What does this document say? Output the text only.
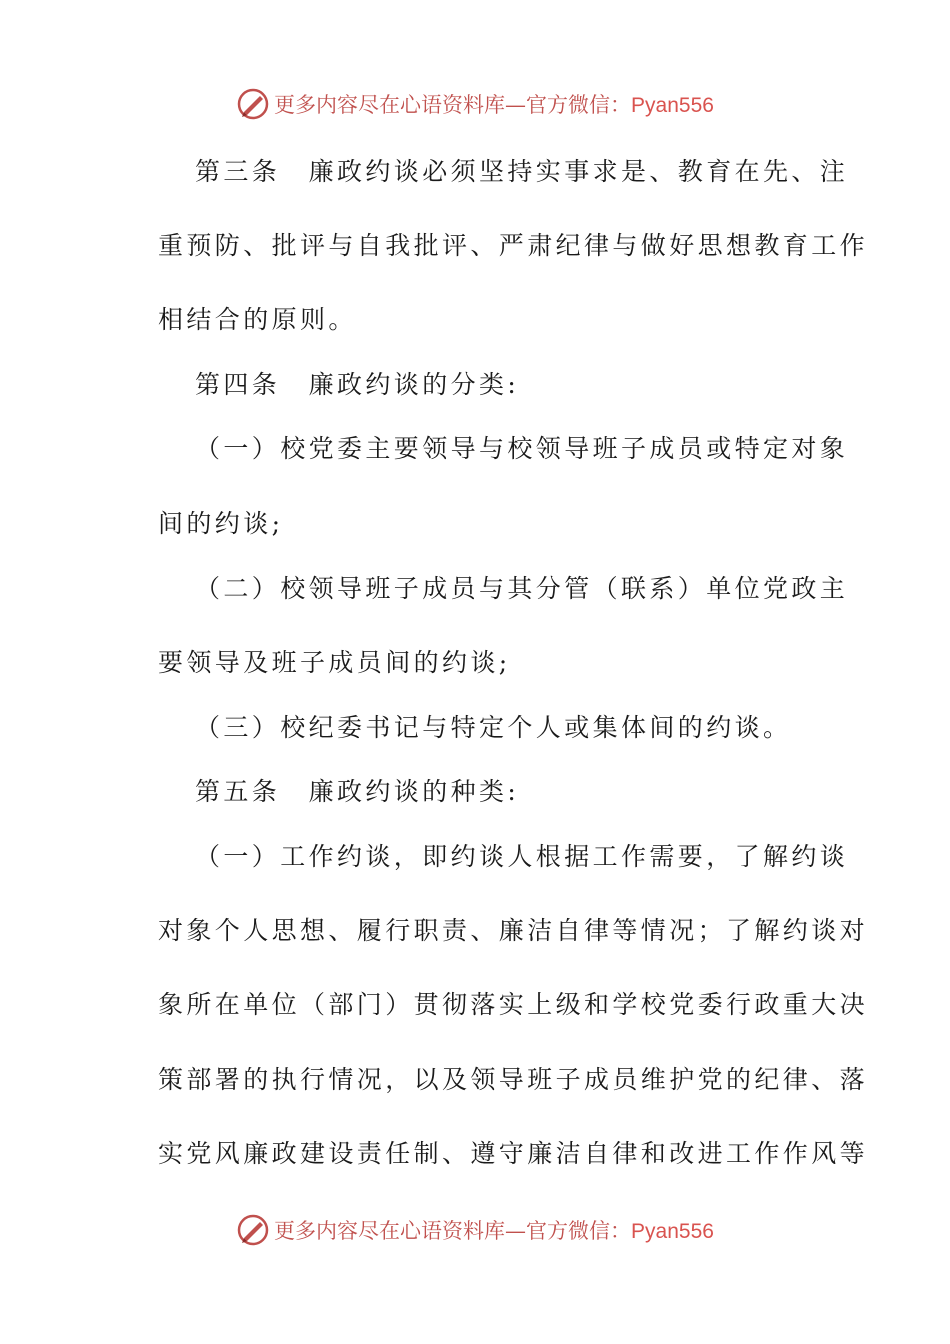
更多内容尽在心语资料库—官方微信：Pyan556
第三条　廉政约谈必须坚持实事求是、教育在先、注
重预防、批评与自我批评、严肃纪律与做好思想教育工作
相结合的原则。
第四条　廉政约谈的分类:
（一）校党委主要领导与校领导班子成员或特定对象
间的约谈;
（二）校领导班子成员与其分管（联系）单位党政主
要领导及班子成员间的约谈;
（三）校纪委书记与特定个人或集体间的约谈。
第五条　廉政约谈的种类:
（一）工作约谈，即约谈人根据工作需要，了解约谈
对象个人思想、履行职责、廉洁自律等情况；了解约谈对
象所在单位（部门）贯彻落实上级和学校党委行政重大决
策部署的执行情况，以及领导班子成员维护党的纪律、落
实党风廉政建设责任制、遵守廉洁自律和改进工作作风等
更多内容尽在心语资料库—官方微信：Pyan556
